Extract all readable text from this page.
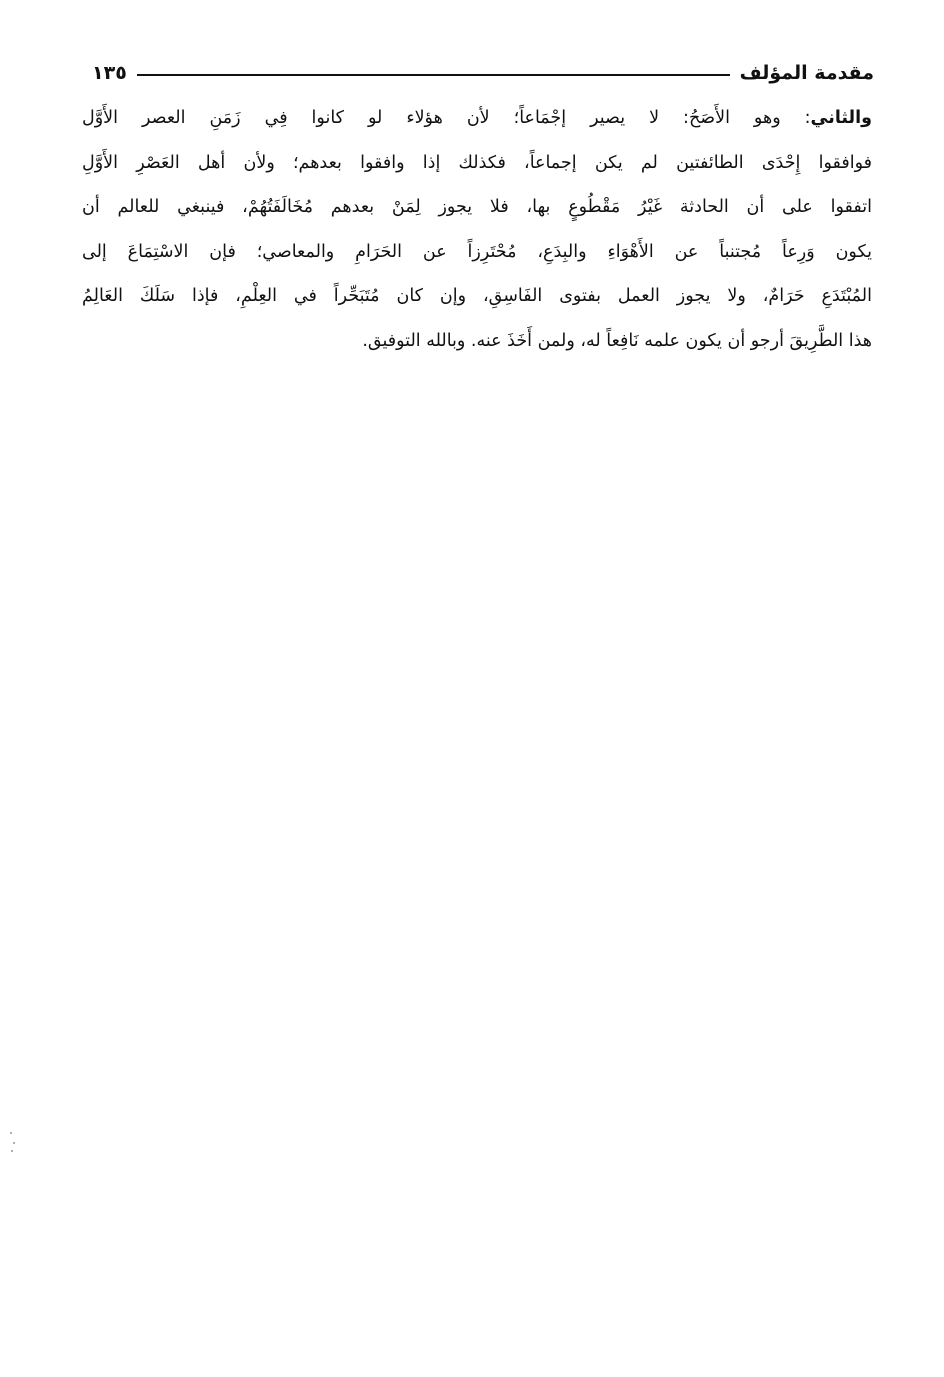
مقدمة المؤلف
١٣٥
والثاني: وهو الأَصَحُ: لا يصير إجْمَاعاً؛ لأن هؤلاء لو كانوا فِي زَمَنِ العصر الأَوَّل
فوافقوا إِحْدَى الطائفتين لم يكن إجماعاً، فكذلك إذا وافقوا بعدهم؛ ولأن أهل العَصْرِ الأَوَّلِ
اتفقوا على أن الحادثة غَيْرُ مَقْطُوعٍ بها، فلا يجوز لِمَنْ بعدهم مُخَالَفَتُهُمْ، فينبغي للعالم أن
يكون وَرِعاً مُجتنباً عن الأَهْوَاءِ والبِدَعِ، مُحْتَرِزاً عن الحَرَامِ والمعاصي؛ فإن الاسْتِمَاعَ إلى
المُبْتَدَعِ حَرَامٌ، ولا يجوز العمل بفتوى الفَاسِقِ، وإن كان مُتَبَحِّراً في العِلْمِ، فإذا سَلَكَ العَالِمُ
هذا الطَّرِيقَ أرجو أن يكون علمه نَافِعاً له، ولمن أَخَذَ عنه. وبالله التوفيق.
